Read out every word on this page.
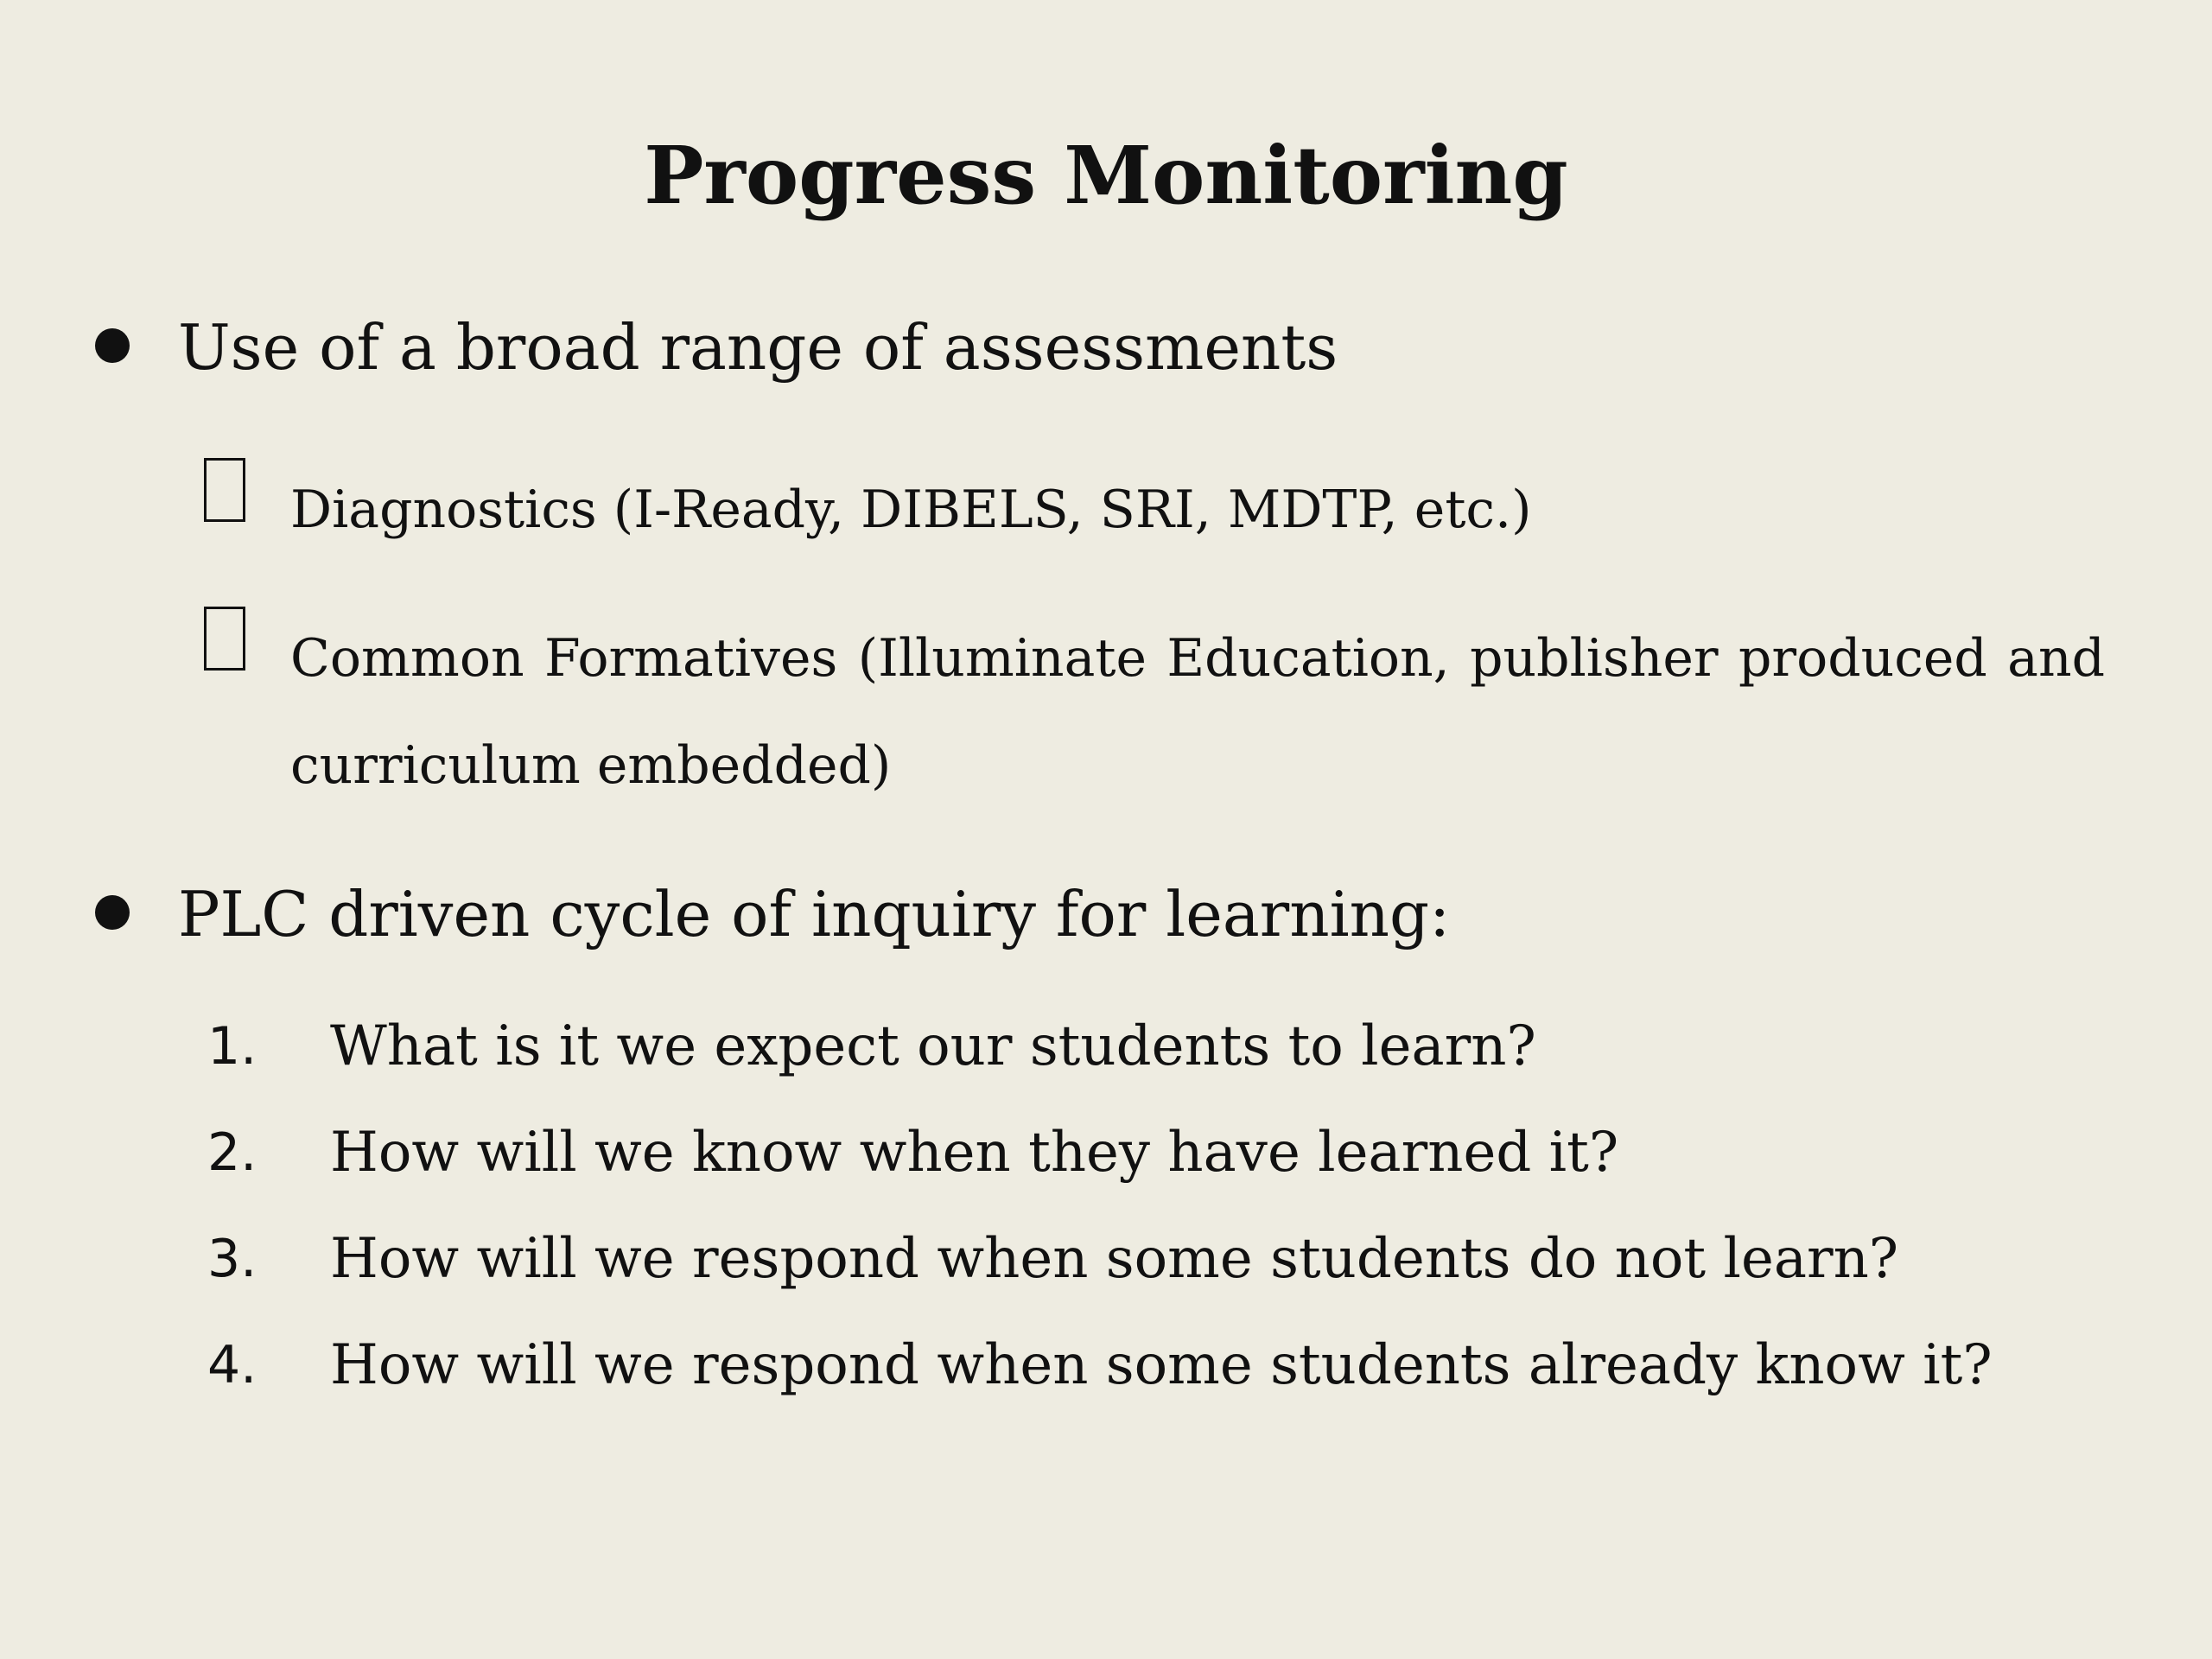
Progress Monitoring
Use of a broad range of assessments
Diagnostics (I-Ready, DIBELS, SRI, MDTP, etc.)
Common Formatives (Illuminate Education, publisher produced and curriculum embedded)
PLC driven cycle of inquiry for learning:
1.	What is it we expect our students to learn?
2.	How will we know when they have learned it?
3.	How will we respond when some students do not learn?
4.	How will we respond when some students already know it?
